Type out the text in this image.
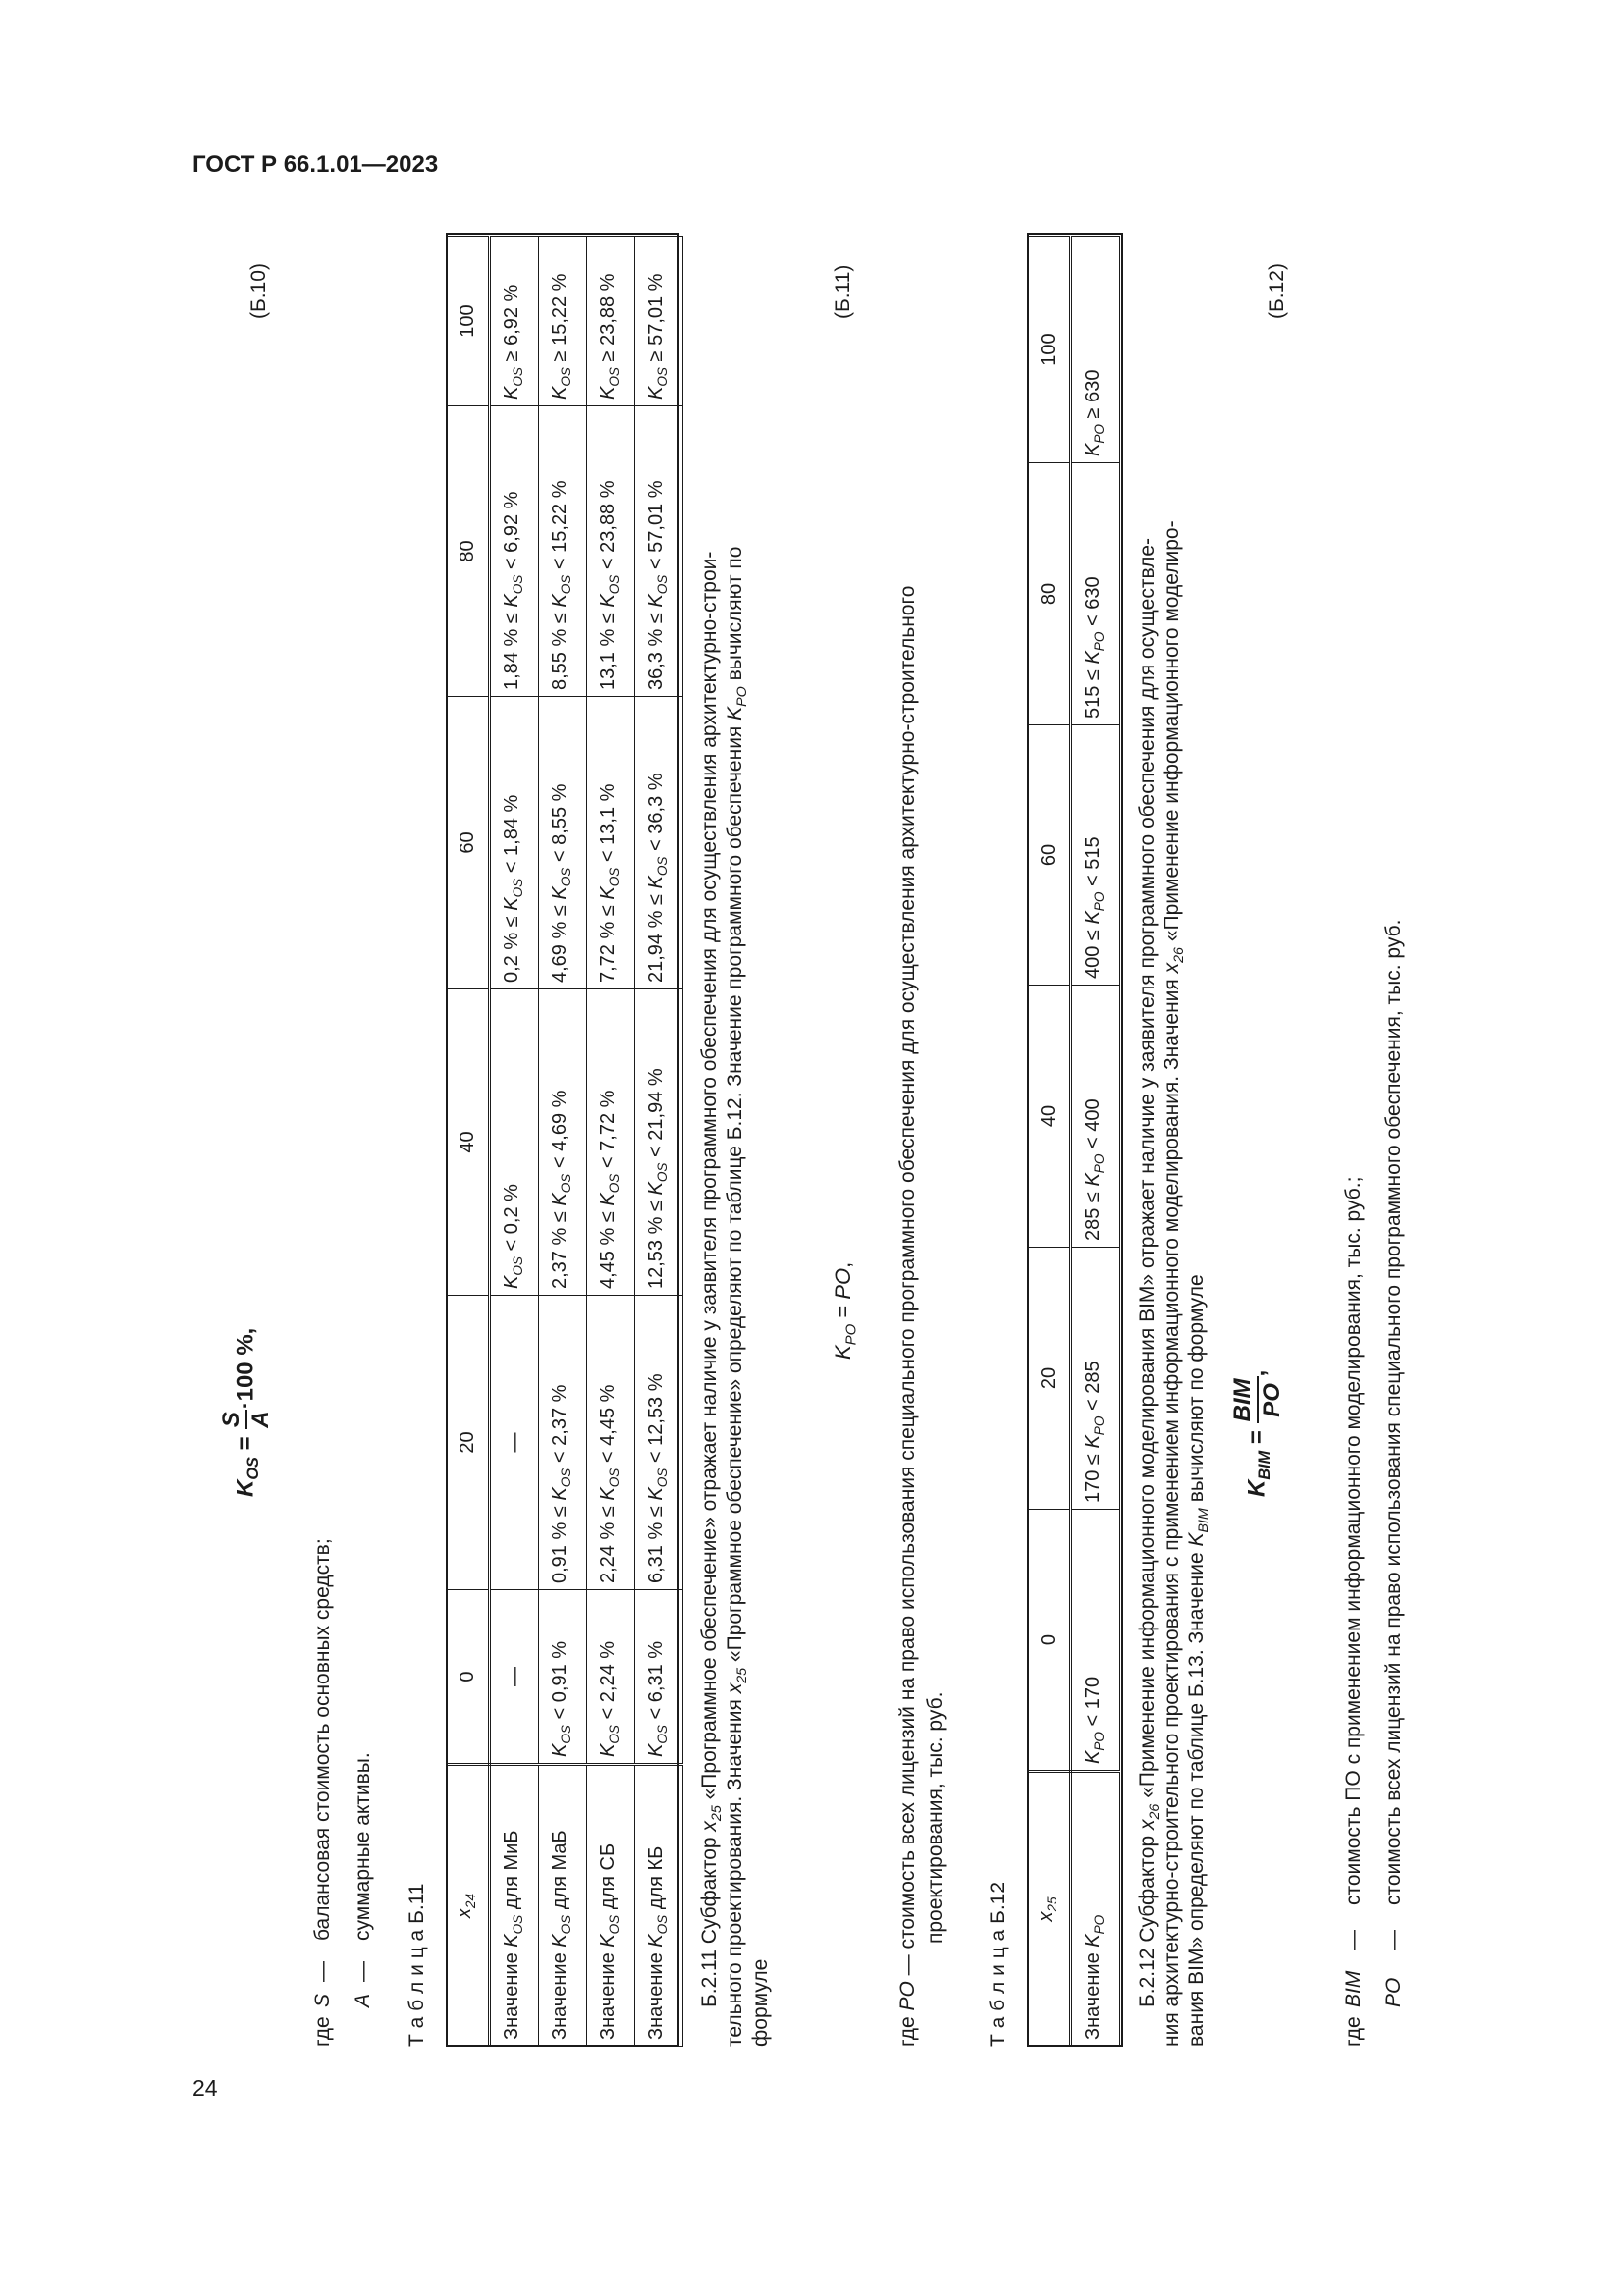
ГОСТ Р 66.1.01—2023
24
$K_{OS}$ =
S A
·100 %,
(Б.10)
где
S
—
балансовая стоимость основных средств;
A
—
суммарные активы.
Т а б л и ц а Б.11 $x_{24}$	0	20	40	60	80	100
Значение $K_{OS}$ для МиБ	—	—	$K_{OS} < 0,2$ %	0,2 % ≤ $K_{OS} < 1,84$ %	1,84 % ≤ $K_{OS} < 6,92$ %	$K_{OS} \ge 6,92$ %
Значение $K_{OS}$ для МаБ	$K_{OS} < 0,91$ %	0,91 % ≤ $K_{OS} < 2,37$ %	2,37 % ≤ $K_{OS} < 4,69$ %	4,69 % ≤ $K_{OS} < 8,55$ %	8,55 % ≤ $K_{OS} < 15,22$ %	$K_{OS} \ge 15,22$ %
Значение $K_{OS}$ для СБ	$K_{OS} < 2,24$ %	2,24 % ≤ $K_{OS} < 4,45$ %	4,45 % ≤ $K_{OS} < 7,72$ %	7,72 % ≤ $K_{OS} < 13,1$ %	13,1 % ≤ $K_{OS} < 23,88$ %	$K_{OS} \ge 23,88$ %
Значение $K_{OS}$ для КБ	$K_{OS} < 6,31$ %	6,31 % ≤ $K_{OS} < 12,53$ %	12,53 % ≤ $K_{OS} < 21,94$ %	21,94 % ≤ $K_{OS} < 36,3$ %	36,3 % ≤ $K_{OS} < 57,01$ %	$K_{OS} \ge 57,01$ %
Б.2.11 Субфактор $x_{25}$ «Программное обеспечение» отражает наличие у заявителя программного обеспечения для осуществления архитектурно-строи-
тельного проектирования. Значения $x_{25}$ «Программное обеспечение» определяют по таблице Б.12. Значение программного обеспечения $K_{PO}$ вычисляют по
формуле
$K_{PO}$ = PO,
(Б.11)
где PO — стоимость всех лицензий на право использования специального программного обеспечения для осуществления архитектурно-строительного проектирования, тыс. руб.
Т а б л и ц а Б.12 $x_{25}$	0	20	40	60	80	100
Значение $K_{PO}$	$K_{PO} < 170$	$170 \le K_{PO} < 285$	$285 \le K_{PO} < 400$	$400 \le K_{PO} < 515$	$515 \le K_{PO} < 630$	$K_{PO} \ge 630$
Б.2.12 Субфактор $x_{26}$ «Применение информационного моделирования BIM» отражает наличие у заявителя программного обеспечения для осуществле- ния архитектурно-строительного проектирования с применением информационного моделирования. Значения $x_{26}$ «Применение информационного моделиро-
вания BIM» определяют по таблице Б.13. Значение $K_{BIM}$ вычисляют по формуле	$K_{BIM}$ =
BIM PO
,
(Б.12)
где
BIM
—
стоимость ПО с применением информационного моделирования, тыс. руб.;
PO
—
стоимость всех лицензий на право использования специального программного обеспечения, тыс. руб.
